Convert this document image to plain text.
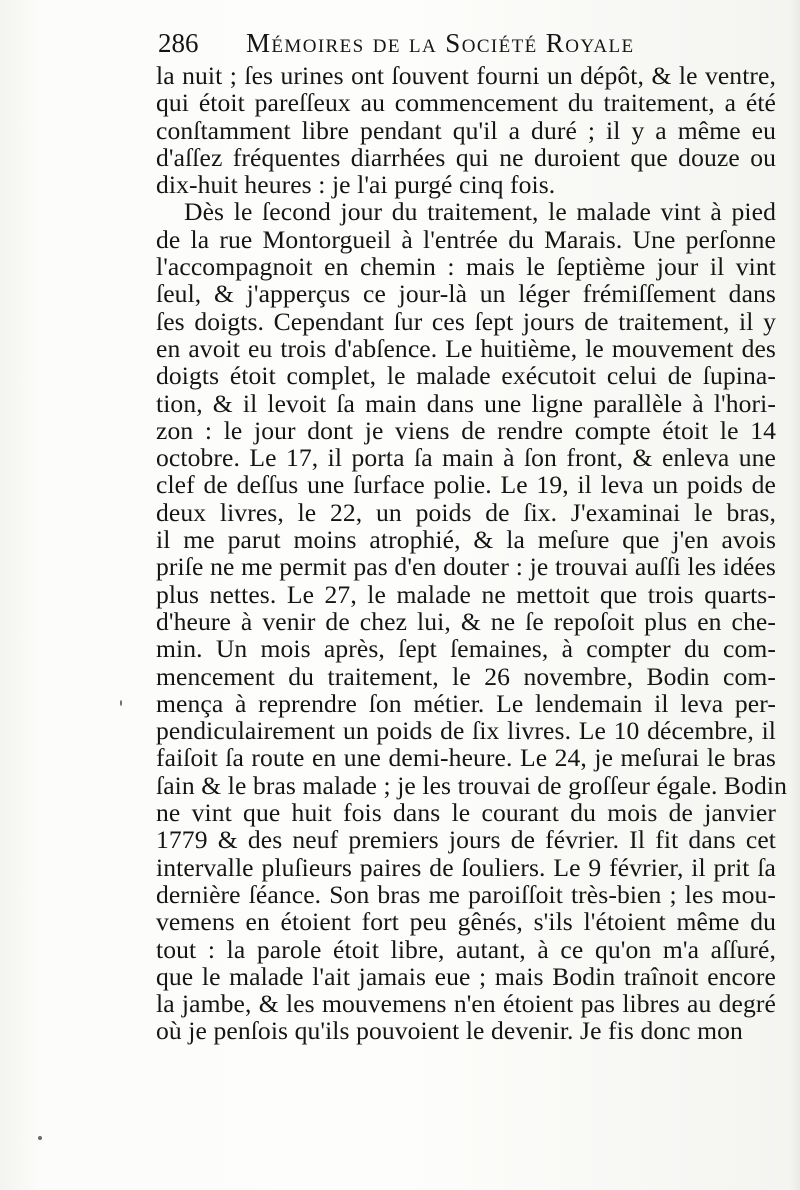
286 Mémoires de la Société Royale
la nuit ; ſes urines ont ſouvent fourni un dépôt, & le ventre,
qui étoit pareſſeux au commencement du traitement, a été
conſtamment libre pendant qu'il a duré ; il y a même eu
d'aſſez fréquentes diarrhées qui ne duroient que douze ou
dix-huit heures : je l'ai purgé cinq fois.
Dès le ſecond jour du traitement, le malade vint à pied
de la rue Montorgueil à l'entrée du Marais. Une perſonne
l'accompagnoit en chemin : mais le ſeptième jour il vint
ſeul, & j'apperçus ce jour-là un léger frémiſſement dans
ſes doigts. Cependant ſur ces ſept jours de traitement, il y
en avoit eu trois d'abſence. Le huitième, le mouvement des
doigts étoit complet, le malade exécutoit celui de ſupina-
tion, & il levoit ſa main dans une ligne parallèle à l'hori-
zon : le jour dont je viens de rendre compte étoit le 14
octobre. Le 17, il porta ſa main à ſon front, & enleva une
clef de deſſus une ſurface polie. Le 19, il leva un poids de
deux livres, le 22, un poids de ſix. J'examinai le bras,
il me parut moins atrophié, & la meſure que j'en avois
priſe ne me permit pas d'en douter : je trouvai auſſi les idées
plus nettes. Le 27, le malade ne mettoit que trois quarts-
d'heure à venir de chez lui, & ne ſe repoſoit plus en che-
min. Un mois après, ſept ſemaines, à compter du com-
mencement du traitement, le 26 novembre, Bodin com-
mença à reprendre ſon métier. Le lendemain il leva per-
pendiculairement un poids de ſix livres. Le 10 décembre, il
faiſoit ſa route en une demi-heure. Le 24, je meſurai le bras
ſain & le bras malade ; je les trouvai de groſſeur égale. Bodin
ne vint que huit fois dans le courant du mois de janvier
1779 & des neuf premiers jours de février. Il fit dans cet
intervalle pluſieurs paires de ſouliers. Le 9 février, il prit ſa
dernière ſéance. Son bras me paroiſſoit très-bien ; les mou-
vemens en étoient fort peu gênés, s'ils l'étoient même du
tout : la parole étoit libre, autant, à ce qu'on m'a aſſuré,
que le malade l'ait jamais eue ; mais Bodin traînoit encore
la jambe, & les mouvemens n'en étoient pas libres au degré
où je penſois qu'ils pouvoient le devenir. Je fis donc mon
